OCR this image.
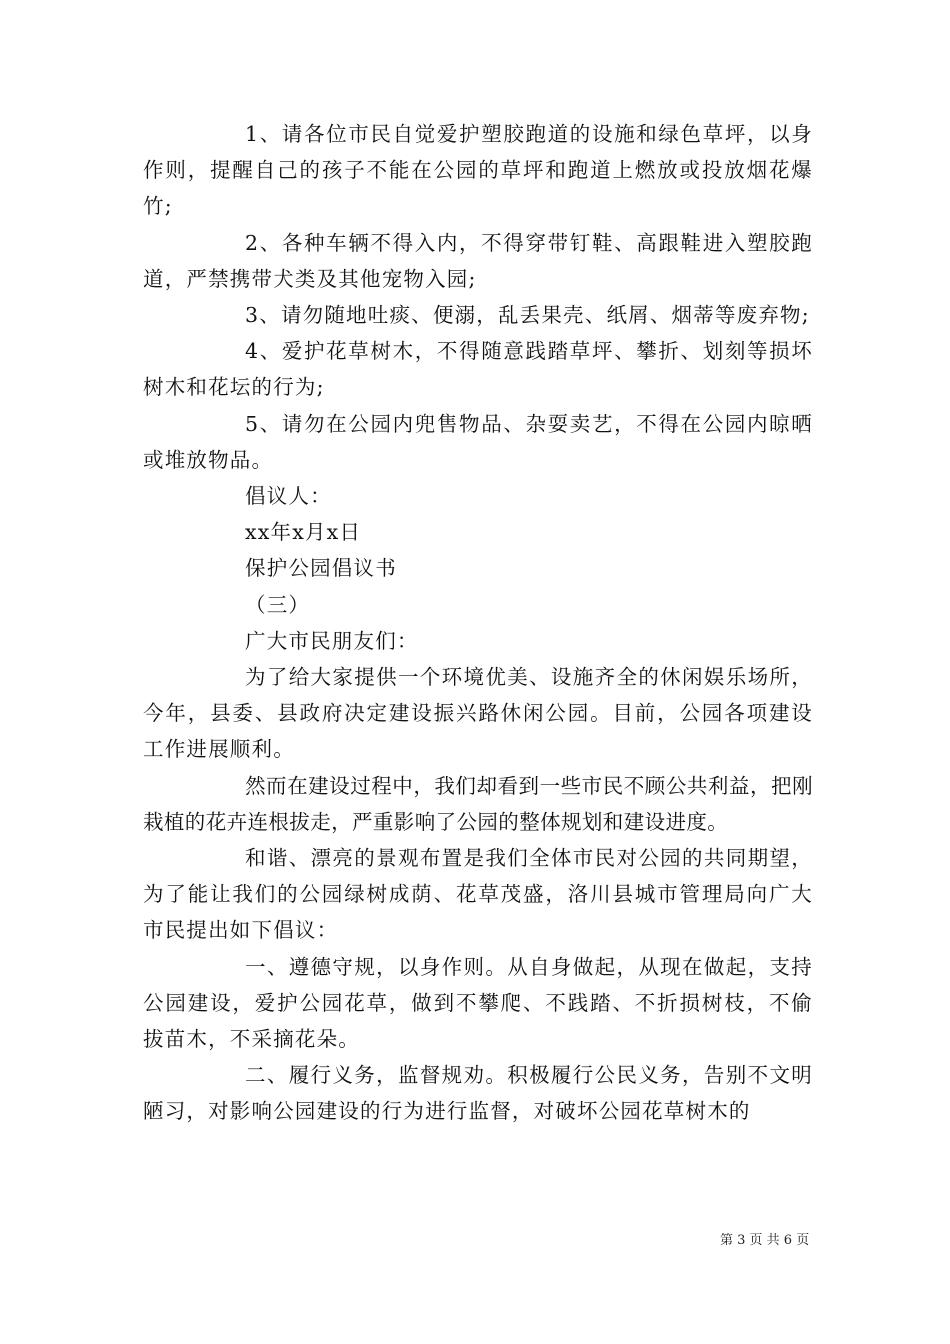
1、请各位市民自觉爱护塑胶跑道的设施和绿色草坪，以身作则，提醒自己的孩子不能在公园的草坪和跑道上燃放或投放烟花爆竹;

2、各种车辆不得入内，不得穿带钉鞋、高跟鞋进入塑胶跑道，严禁携带犬类及其他宠物入园;

3、请勿随地吐痰、便溺，乱丢果壳、纸屑、烟蒂等废弃物;

4、爱护花草树木，不得随意践踏草坪、攀折、划刻等损坏树木和花坛的行为;

5、请勿在公园内兜售物品、杂耍卖艺，不得在公园内晾晒或堆放物品。

倡议人：

xx年x月x日

保护公园倡议书

（三）

广大市民朋友们：

为了给大家提供一个环境优美、设施齐全的休闲娱乐场所，今年，县委、县政府决定建设振兴路休闲公园。目前，公园各项建设工作进展顺利。

然而在建设过程中，我们却看到一些市民不顾公共利益，把刚栽植的花卉连根拔走，严重影响了公园的整体规划和建设进度。

和谐、漂亮的景观布置是我们全体市民对公园的共同期望，为了能让我们的公园绿树成荫、花草茂盛，洛川县城市管理局向广大市民提出如下倡议：

一、遵德守规，以身作则。从自身做起，从现在做起，支持公园建设，爱护公园花草，做到不攀爬、不践踏、不折损树枝，不偷拔苗木，不采摘花朵。

二、履行义务，监督规劝。积极履行公民义务，告别不文明陋习，对影响公园建设的行为进行监督，对破坏公园花草树木的

第 3 页 共 6 页
